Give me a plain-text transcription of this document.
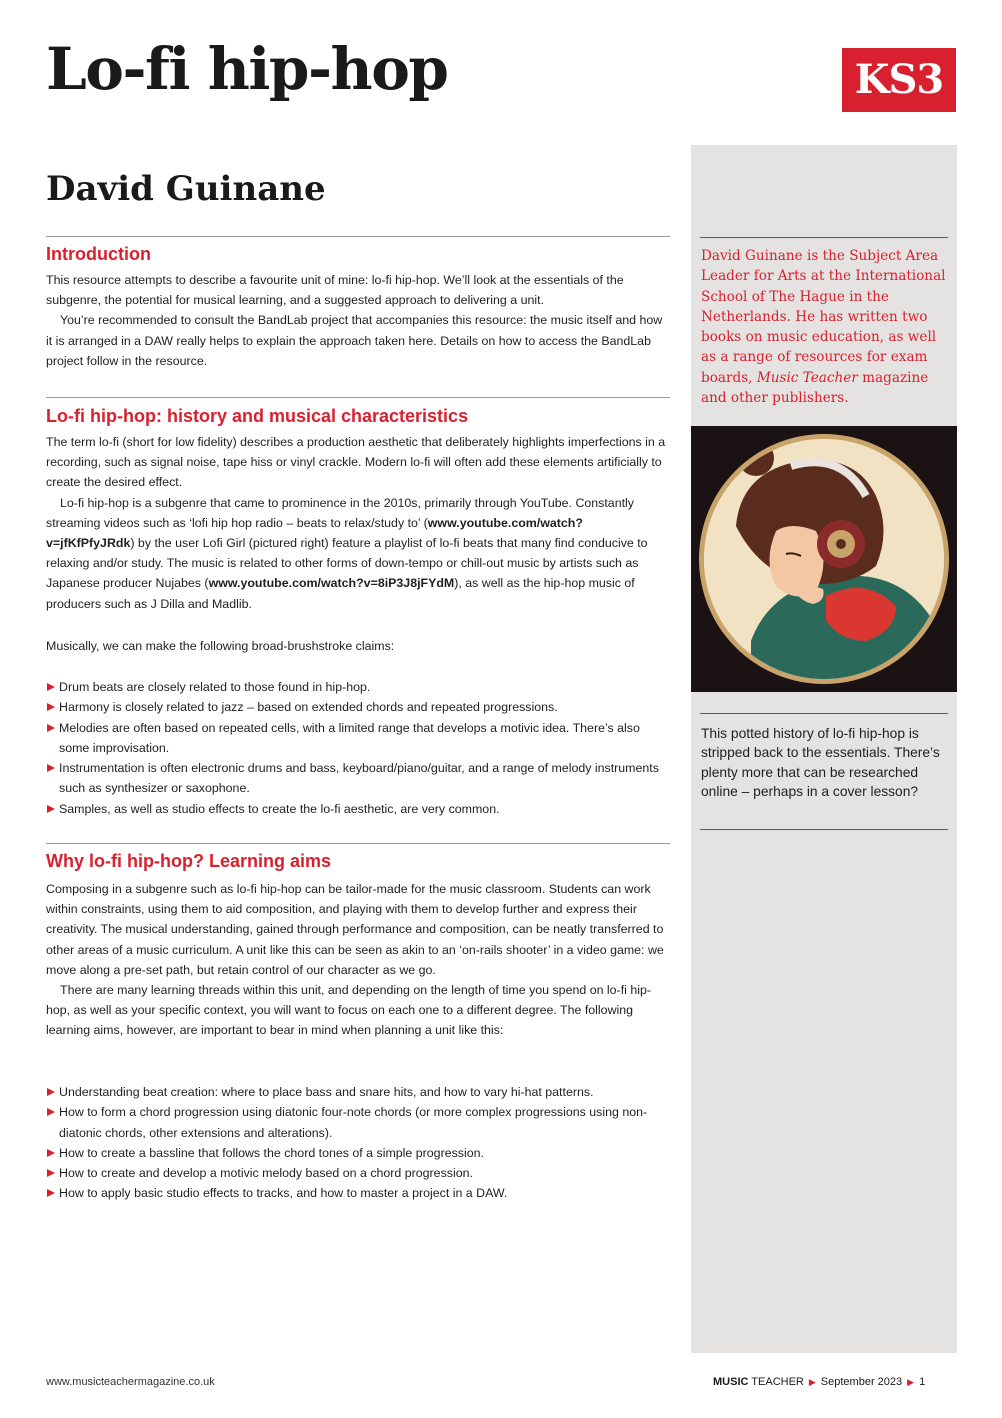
Lo-fi hip-hop	KS3
David Guinane
Introduction

This resource attempts to describe a favourite unit of mine: lo-fi hip-hop. We’ll look at the essentials of the subgenre, the potential for musical learning, and a suggested approach to delivering a unit.
You’re recommended to consult the BandLab project that accompanies this resource: the music itself and how it is arranged in a DAW really helps to explain the approach taken here. Details on how to access the BandLab project follow in the resource.

Lo-fi hip-hop: history and musical characteristics

The term lo-fi (short for low fidelity) describes a production aesthetic that deliberately highlights imperfections in a recording, such as signal noise, tape hiss or vinyl crackle. Modern lo-fi will often add these elements artificially to create the desired effect.
Lo-fi hip-hop is a subgenre that came to prominence in the 2010s, primarily through YouTube. Constantly streaming videos such as ‘lofi hip hop radio – beats to relax/study to’ (www.youtube.com/watch?v=jfKfPfyJRdk) by the user Lofi Girl (pictured right) feature a playlist of lo-fi beats that many find conducive to relaxing and/or study. The music is related to other forms of down-tempo or chill-out music by artists such as Japanese producer Nujabes (www.youtube.com/watch?v=8iP3J8jFYdM), as well as the hip-hop music of producers such as J Dilla and Madlib.

Musically, we can make the following broad-brushstroke claims:

Drum beats are closely related to those found in hip-hop.
Harmony is closely related to jazz – based on extended chords and repeated progressions.
Melodies are often based on repeated cells, with a limited range that develops a motivic idea. There’s also some improvisation.
Instrumentation is often electronic drums and bass, keyboard/piano/guitar, and a range of melody instruments such as synthesizer or saxophone.
Samples, as well as studio effects to create the lo-fi aesthetic, are very common.
Why lo-fi hip-hop? Learning aims

Composing in a subgenre such as lo-fi hip-hop can be tailor-made for the music classroom. Students can work within constraints, using them to aid composition, and playing with them to develop further and express their creativity. The musical understanding, gained through performance and composition, can be neatly transferred to other areas of a music curriculum. A unit like this can be seen as akin to an ‘on-rails shooter’ in a video game: we move along a pre-set path, but retain control of our character as we go.
There are many learning threads within this unit, and depending on the length of time you spend on lo-fi hip-hop, as well as your specific context, you will want to focus on each one to a different degree. The following learning aims, however, are important to bear in mind when planning a unit like this:

Understanding beat creation: where to place bass and snare hits, and how to vary hi-hat patterns.
How to form a chord progression using diatonic four-note chords (or more complex progressions using non-diatonic chords, other extensions and alterations).
How to create a bassline that follows the chord tones of a simple progression.
How to create and develop a motivic melody based on a chord progression.
How to apply basic studio effects to tracks, and how to master a project in a DAW.

David Guinane is the Subject Area Leader for Arts at the International School of The Hague in the Netherlands. He has written two books on music education, as well as a range of resources for exam boards, Music Teacher magazine and other publishers.

This potted history of lo-fi hip-hop is stripped back to the essentials. There’s plenty more that can be researched online – perhaps in a cover lesson?

www.musicteachermagazine.co.uk	MUSIC TEACHER ▶ September 2023 ▶ 1
